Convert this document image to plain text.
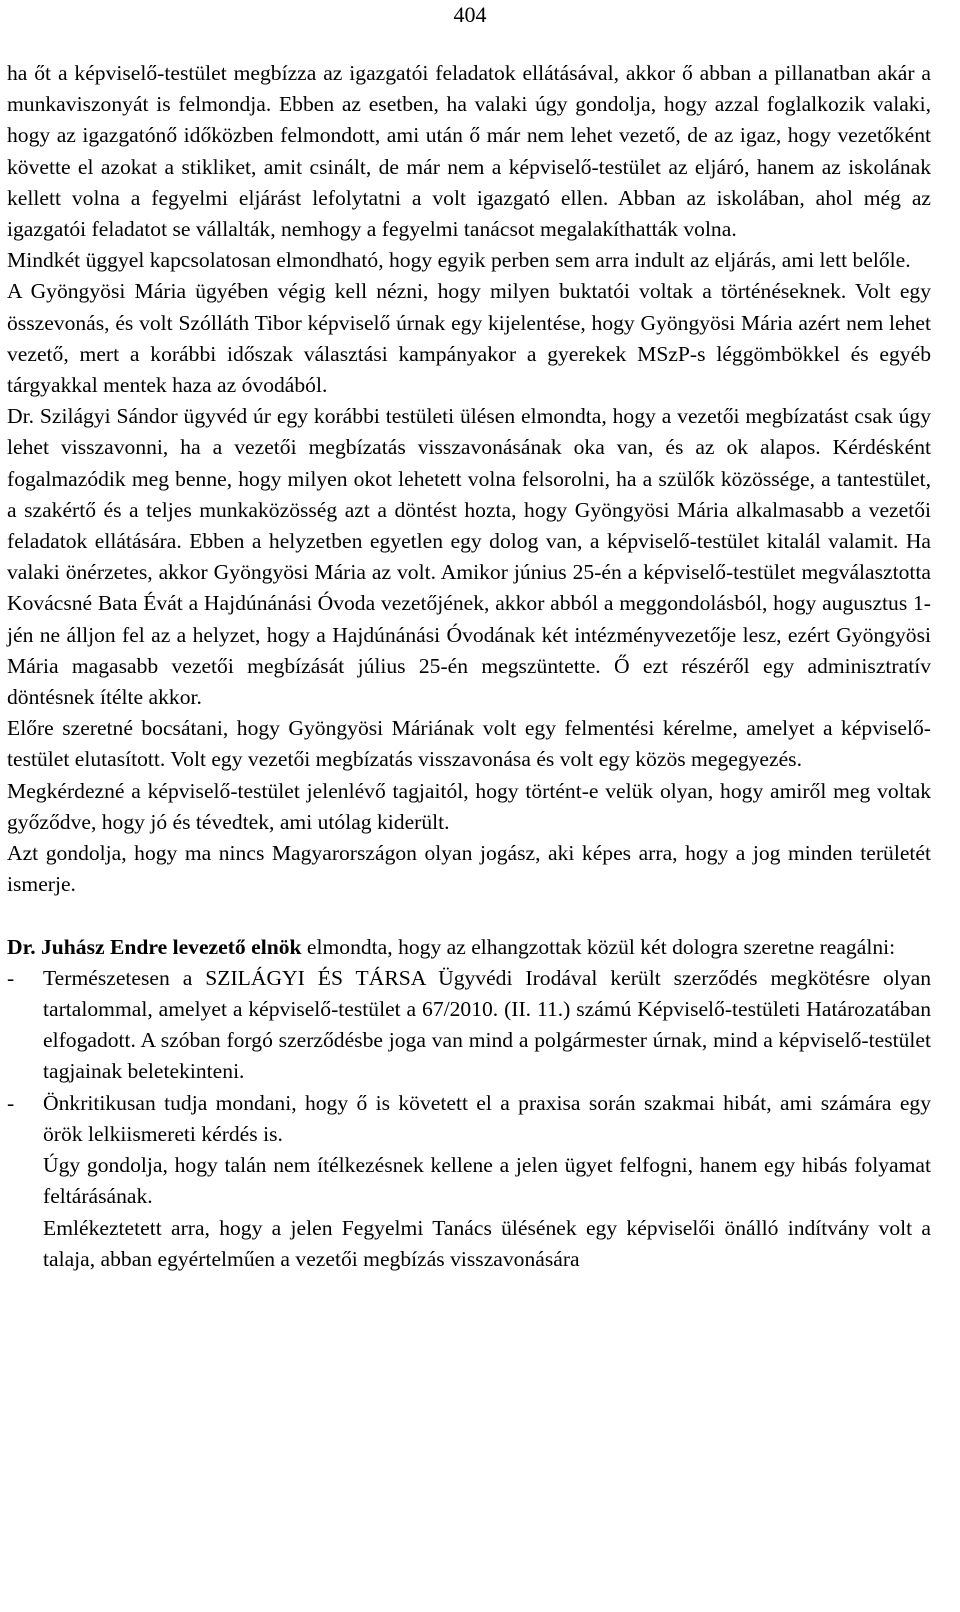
404

ha őt a képviselő-testület megbízza az igazgatói feladatok ellátásával, akkor ő abban a pillanatban akár a munkaviszonyát is felmondja. Ebben az esetben, ha valaki úgy gondolja, hogy azzal foglalkozik valaki, hogy az igazgatónő időközben felmondott, ami után ő már nem lehet vezető, de az igaz, hogy vezetőként követte el azokat a stikliket, amit csinált, de már nem a képviselő-testület az eljáró, hanem az iskolának kellett volna a fegyelmi eljárást lefolytatni a volt igazgató ellen. Abban az iskolában, ahol még az igazgatói feladatot se vállalták, nemhogy a fegyelmi tanácsot megalakíthatták volna.

Mindkét üggyel kapcsolatosan elmondható, hogy egyik perben sem arra indult az eljárás, ami lett belőle.

A Gyöngyösi Mária ügyében végig kell nézni, hogy milyen buktatói voltak a történéseknek. Volt egy összevonás, és volt Szólláth Tibor képviselő úrnak egy kijelentése, hogy Gyöngyösi Mária azért nem lehet vezető, mert a korábbi időszak választási kampányakor a gyerekek MSzP-s léggömbökkel és egyéb tárgyakkal mentek haza az óvodából.

Dr. Szilágyi Sándor ügyvéd úr egy korábbi testületi ülésen elmondta, hogy a vezetői megbízatást csak úgy lehet visszavonni, ha a vezetői megbízatás visszavonásának oka van, és az ok alapos. Kérdésként fogalmazódik meg benne, hogy milyen okot lehetett volna felsorolni, ha a szülők közössége, a tantestület, a szakértő és a teljes munkaközösség azt a döntést hozta, hogy Gyöngyösi Mária alkalmasabb a vezetői feladatok ellátására. Ebben a helyzetben egyetlen egy dolog van, a képviselő-testület kitalál valamit. Ha valaki önérzetes, akkor Gyöngyösi Mária az volt. Amikor június 25-én a képviselő-testület megválasztotta Kovácsné Bata Évát a Hajdúnánási Óvoda vezetőjének, akkor abból a meggondolásból, hogy augusztus 1-jén ne álljon fel az a helyzet, hogy a Hajdúnánási Óvodának két intézményvezetője lesz, ezért Gyöngyösi Mária magasabb vezetői megbízását július 25-én megszüntette. Ő ezt részéről egy adminisztratív döntésnek ítélte akkor.

Előre szeretné bocsátani, hogy Gyöngyösi Máriának volt egy felmentési kérelme, amelyet a képviselő-testület elutasított. Volt egy vezetői megbízatás visszavonása és volt egy közös megegyezés.

Megkérdezné a képviselő-testület jelenlévő tagjaitól, hogy történt-e velük olyan, hogy amiről meg voltak győződve, hogy jó és tévedtek, ami utólag kiderült.

Azt gondolja, hogy ma nincs Magyarországon olyan jogász, aki képes arra, hogy a jog minden területét ismerje.

Dr. Juhász Endre levezető elnök elmondta, hogy az elhangzottak közül két dologra szeretne reagálni:

-	Természetesen a SZILÁGYI ÉS TÁRSA Ügyvédi Irodával került szerződés megkötésre olyan tartalommal, amelyet a képviselő-testület a 67/2010. (II. 11.) számú Képviselő-testületi Határozatában elfogadott. A szóban forgó szerződésbe joga van mind a polgármester úrnak, mind a képviselő-testület tagjainak beletekinteni.
-	Önkritikusan tudja mondani, hogy ő is követett el a praxisa során szakmai hibát, ami számára egy örök lelkiismereti kérdés is.

Úgy gondolja, hogy talán nem ítélkezésnek kellene a jelen ügyet felfogni, hanem egy hibás folyamat feltárásának.

Emlékeztetett arra, hogy a jelen Fegyelmi Tanács ülésének egy képviselői önálló indítvány volt a talaja, abban egyértelműen a vezetői megbízás visszavonására
